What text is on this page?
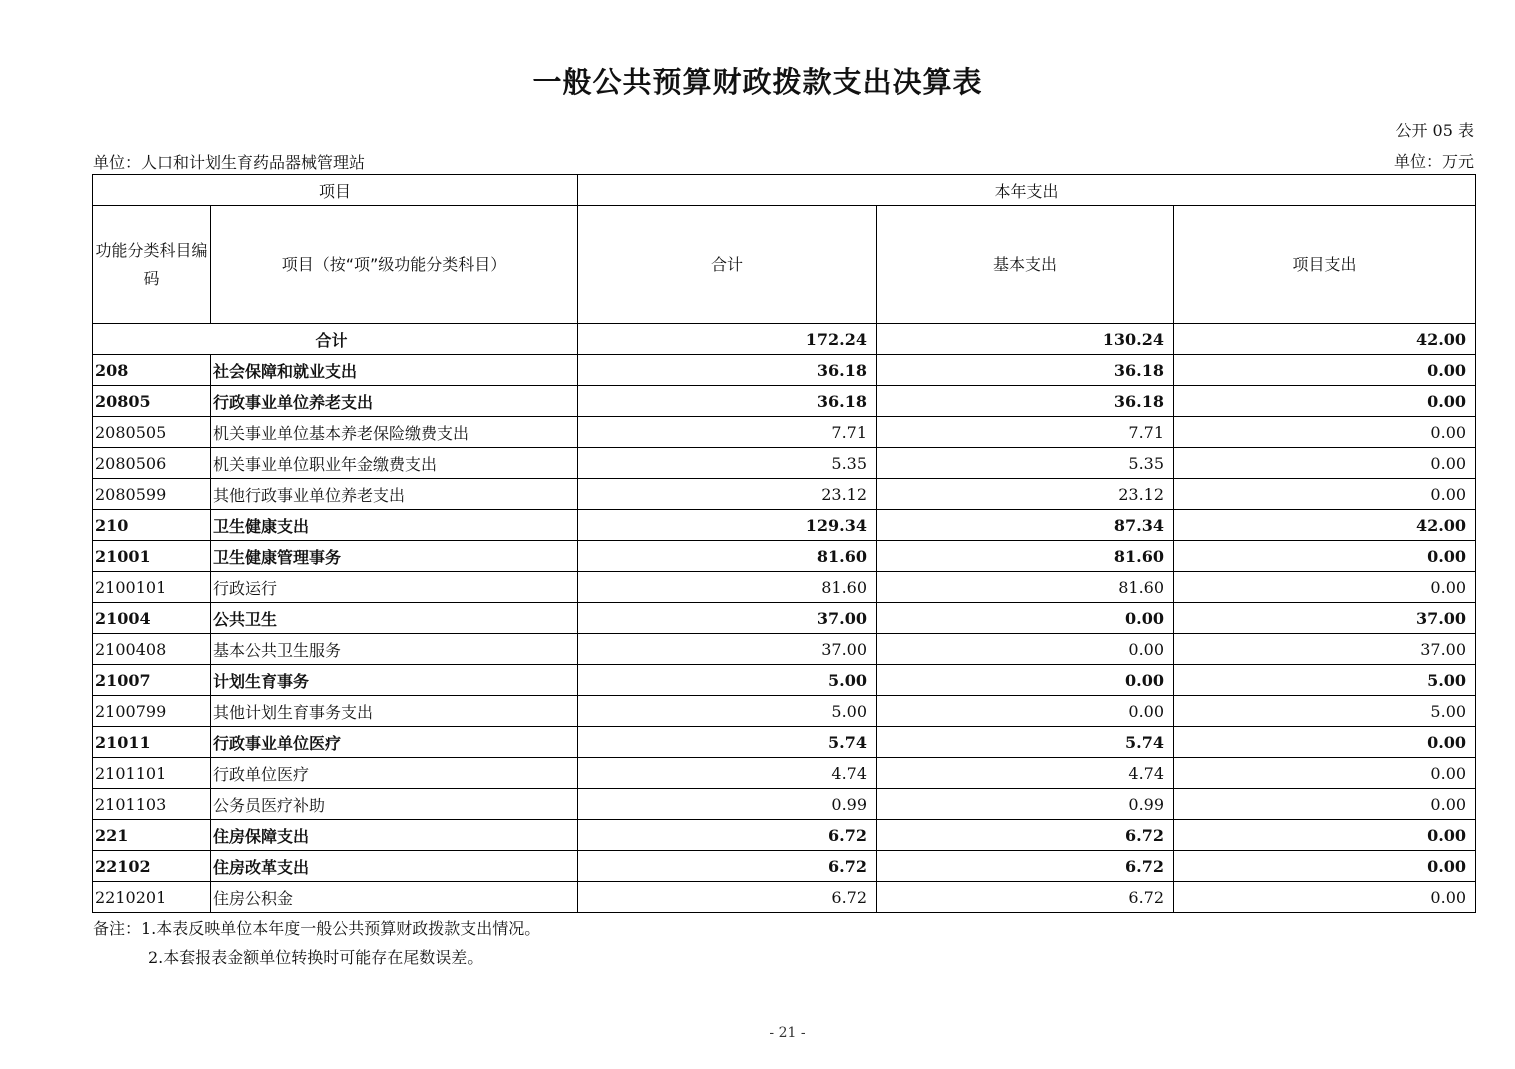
一般公共预算财政拨款支出决算表
公开 05 表
单位：人口和计划生育药品器械管理站	单位：万元
项目		本年支出		
功能分类科目编码	项目（按“项”级功能分类科目）	合计	基本支出	项目支出
合计		172.24	130.24	42.00
208	社会保障和就业支出	36.18	36.18	0.00
20805	行政事业单位养老支出	36.18	36.18	0.00
2080505	机关事业单位基本养老保险缴费支出	7.71	7.71	0.00
2080506	机关事业单位职业年金缴费支出	5.35	5.35	0.00
2080599	其他行政事业单位养老支出	23.12	23.12	0.00
210	卫生健康支出	129.34	87.34	42.00
21001	卫生健康管理事务	81.60	81.60	0.00
2100101	行政运行	81.60	81.60	0.00
21004	公共卫生	37.00	0.00	37.00
2100408	基本公共卫生服务	37.00	0.00	37.00
21007	计划生育事务	5.00	0.00	5.00
2100799	其他计划生育事务支出	5.00	0.00	5.00
21011	行政事业单位医疗	5.74	5.74	0.00
2101101	行政单位医疗	4.74	4.74	0.00
2101103	公务员医疗补助	0.99	0.99	0.00
221	住房保障支出	6.72	6.72	0.00
22102	住房改革支出	6.72	6.72	0.00
2210201	住房公积金	6.72	6.72	0.00
备注：1.本表反映单位本年度一般公共预算财政拨款支出情况。
2.本套报表金额单位转换时可能存在尾数误差。
- 21 -
